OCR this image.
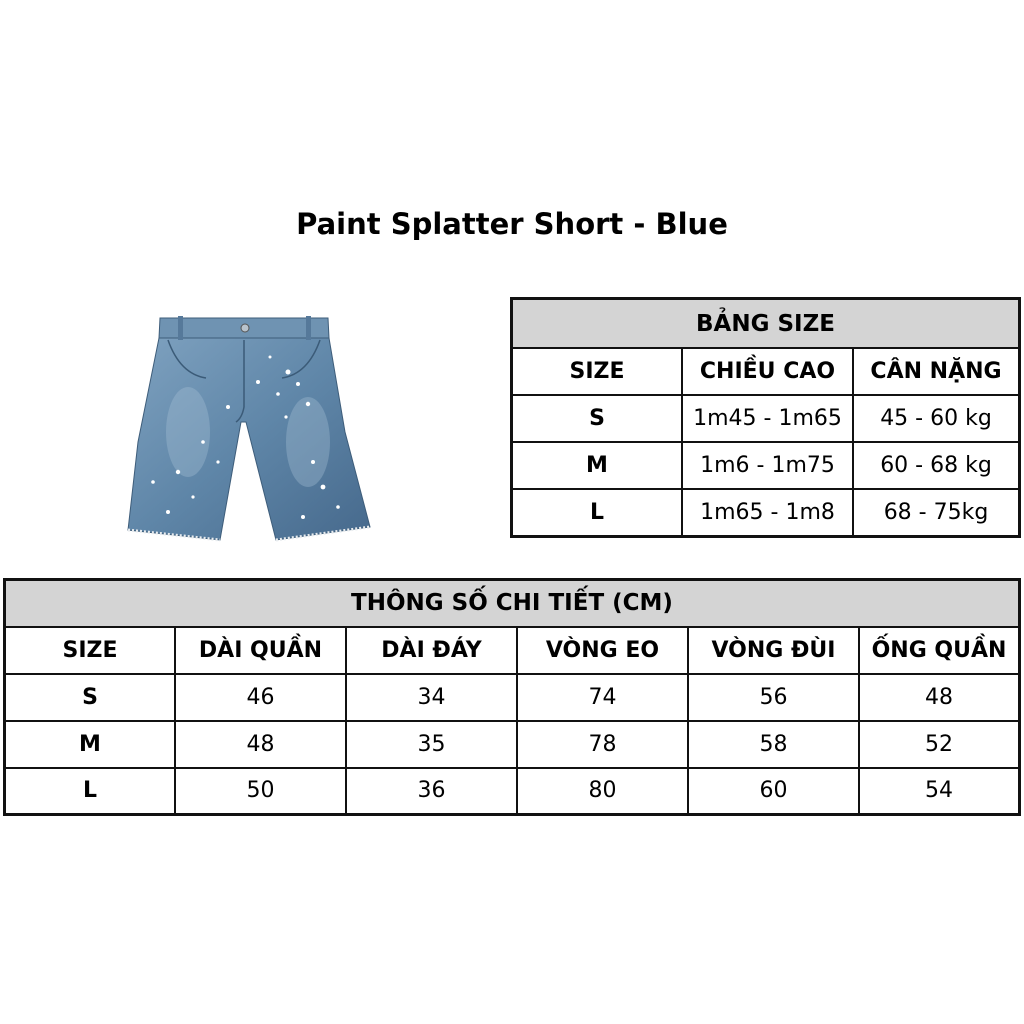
Paint Splatter Short - Blue
BẢNG SIZE		
SIZE	CHIỀU CAO	CÂN NẶNG
S	1m45 - 1m65	45 - 60 kg
M	1m6 - 1m75	60 - 68 kg
L	1m65 - 1m8	68 - 75kg
THÔNG SỐ CHI TIẾT (CM)					
SIZE	DÀI QUẦN	DÀI ĐÁY	VÒNG EO	VÒNG ĐÙI	ỐNG QUẦN
S	46	34	74	56	48
M	48	35	78	58	52
L	50	36	80	60	54
